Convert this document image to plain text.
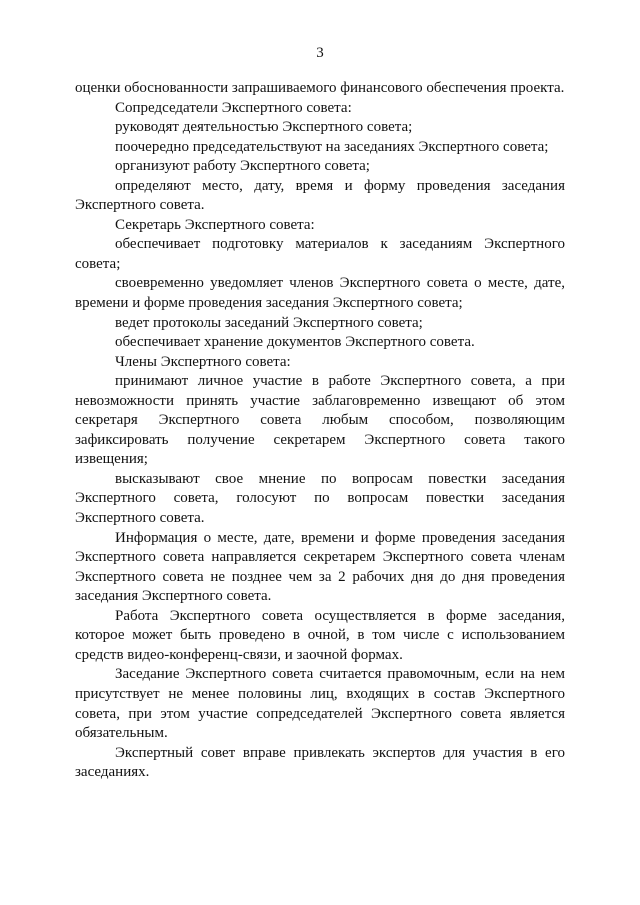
3

оценки обоснованности запрашиваемого финансового обеспечения проекта.

Сопредседатели Экспертного совета:

руководят деятельностью Экспертного совета;

поочередно председательствуют на заседаниях Экспертного совета;

организуют работу Экспертного совета;

определяют место, дату, время и форму проведения заседания Экспертного совета.

Секретарь Экспертного совета:

обеспечивает подготовку материалов к заседаниям Экспертного совета;

своевременно уведомляет членов Экспертного совета о месте, дате, времени и форме проведения заседания Экспертного совета;

ведет протоколы заседаний Экспертного совета;

обеспечивает хранение документов Экспертного совета.

Члены Экспертного совета:

принимают личное участие в работе Экспертного совета, а при невозможности принять участие заблаговременно извещают об этом секретаря Экспертного совета любым способом, позволяющим зафиксировать получение секретарем Экспертного совета такого извещения;

высказывают свое мнение по вопросам повестки заседания Экспертного совета, голосуют по вопросам повестки заседания Экспертного совета.

Информация о месте, дате, времени и форме проведения заседания Экспертного совета направляется секретарем Экспертного совета членам Экспертного совета не позднее чем за 2 рабочих дня до дня проведения заседания Экспертного совета.

Работа Экспертного совета осуществляется в форме заседания, которое может быть проведено в очной, в том числе с использованием средств видео-конференц-связи, и заочной формах.

Заседание Экспертного совета считается правомочным, если на нем присутствует не менее половины лиц, входящих в состав Экспертного совета, при этом участие сопредседателей Экспертного совета является обязательным.

Экспертный совет вправе привлекать экспертов для участия в его заседаниях.
